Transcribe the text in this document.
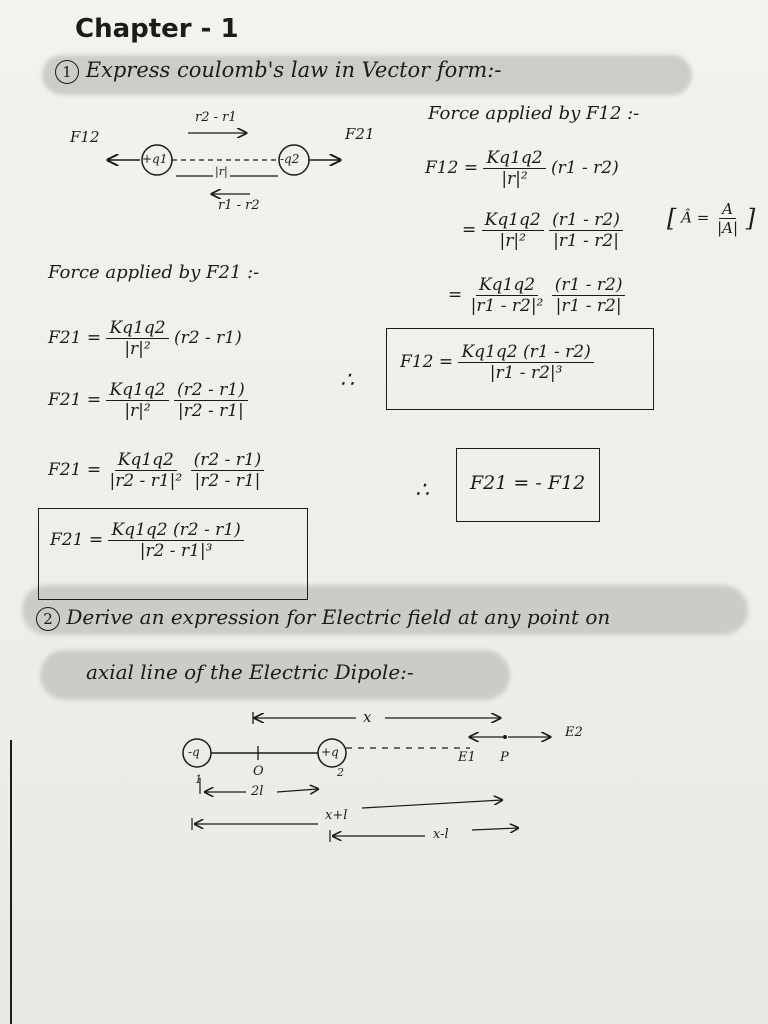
Chapter - 1
1 Express coulomb's law in Vector form:-
F12
+q1	-q2
F21
r2 - r1
|r|
r1 - r2
Force applied by F12 :-
$F12 = \frac{Kq1q2}{\text{|r|²}} (r1 - r2)$
= $\frac{Kq1q2}{\text{|r|²}}$
$\frac{(r1 - r2)}{|r1 - r2|}$ [ Â = $\frac{A}{|A|}$ ]
= $\frac{Kq1q2}{\text{|r1 - r2|²}}$
$\frac{(r1 - r2)}{|r1 - r2|}$
∴
$F12 = \frac{Kq1q2 (r1 - r2)}{\text{|r1 - r2|³}}$
∴ F21 = - F12
Force applied by F21 :-
$F21 = \frac{Kq1q2}{\text{|r|²}} (r2 - r1)$
$F21 = \frac{Kq1q2}{\text{|r|²}}$
$\frac{(r2 - r1)}{|r2 - r1|}$
$F21 = \frac{Kq1q2}{\text{|r2 - r1|²}}$
$\frac{(r2 - r1)}{|r2 - r1|}$
$F21 = \frac{Kq1q2 (r2 - r1)}{\text{|r2 - r1|³}}$
2 Derive an expression for Electric field at any point on
axial line of the Electric Dipole:-
-q	+q
O
1
2
x
E1 P
E2
2l
x+l
x-l
